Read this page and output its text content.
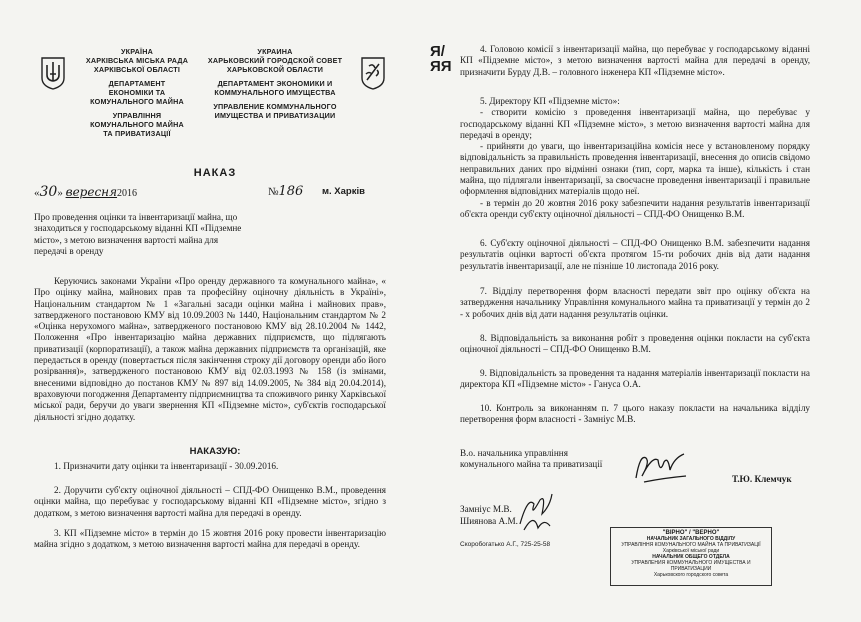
УКРАЇНА
ХАРКІВСЬКА МІСЬКА РАДА
ХАРКІВСЬКОЇ ОБЛАСТІ
ДЕПАРТАМЕНТ
ЕКОНОМІКИ ТА
КОМУНАЛЬНОГО МАЙНА
УПРАВЛІННЯ
КОМУНАЛЬНОГО МАЙНА
ТА ПРИВАТИЗАЦІЇ
УКРАИНА
ХАРЬКОВСКИЙ ГОРОДСКОЙ СОВЕТ
ХАРЬКОВСКОЙ ОБЛАСТИ
ДЕПАРТАМЕНТ ЭКОНОМИКИ И
КОММУНАЛЬНОГО ИМУЩЕСТВА
УПРАВЛЕНИЕ КОММУНАЛЬНОГО
ИМУЩЕСТВА И ПРИВАТИЗАЦИИ
НАКАЗ
«30» вересня2016	№186 м. Харків
Про проведення оцінки та інвентаризації майна, що знаходиться у господарському віданні КП «Підземне місто», з метою визначення вартості майна для передачі в оренду
Керуючись законами України «Про оренду державного та комунального майна», « Про оцінку майна, майнових прав та професійну оціночну діяльність в Україні», Національним стандартом № 1 «Загальні засади оцінки майна і майнових прав», затвердженого постановою КМУ від 10.09.2003 № 1440, Національним стандартом № 2 «Оцінка нерухомого майна», затвердженого постановою КМУ від 28.10.2004 № 1442, Положення «Про інвентаризацію майна державних підприємств, що підлягають приватизації (корпоратизації), а також майна державних підприємств та організацій, яке передається в оренду (повертається після закінчення строку дії договору оренди або його розірвання)», затвердженого постановою КМУ від 02.03.1993 № 158 (із змінами, внесеними відповідно до постанов КМУ № 897 від 14.09.2005, № 384 від 20.04.2014), враховуючи погодження Департаменту підприємництва та споживчого ринку Харківської міської ради, беручи до уваги звернення КП «Підземне місто», суб'єктів господарської діяльності згідно додатку.
НАКАЗУЮ:
1. Призначити дату оцінки та інвентаризації - 30.09.2016.
2. Доручити суб'єкту оціночної діяльності – СПД-ФО Онищенко В.М., проведення оцінки майна, що перебуває у господарському віданні КП «Підземне місто», згідно з додатком, з метою визначення вартості майна для передачі в оренду.
3. КП «Підземне місто» в термін до 15 жовтня 2016 року провести інвентаризацію майна згідно з додатком, з метою визначення вартості майна для передачі в оренду.
Я/
ЯЯ
4. Головою комісії з інвентаризації майна, що перебуває у господарському віданні КП «Підземне місто», з метою визначення вартості майна для передачі в оренду, призначити Бурду Д.В. – головного інженера КП «Підземне місто».
5. Директору КП «Підземне місто»:
- створити комісію з проведення інвентаризації майна, що перебуває у господарському віданні КП «Підземне місто», з метою визначення вартості майна для передачі в оренду;
- прийняти до уваги, що інвентаризаційна комісія несе у встановленому порядку відповідальність за правильність проведення інвентаризації, внесення до описів свідомо неправильних даних про відмінні ознаки (тип, сорт, марка та інше), кількість і стан майна, що підлягали інвентаризації, за своєчасне проведення інвентаризації і правильне оформлення відповідних матеріалів щодо неї.
- в термін до 20 жовтня 2016 року забезпечити надання результатів інвентаризації об'єкта оренди суб'єкту оціночної діяльності – СПД-ФО Онищенко В.М.
6. Суб'єкту оціночної діяльності – СПД-ФО Онищенко В.М. забезпечити надання результатів оцінки вартості об'єкта протягом 15-ти робочих днів від дати надання результатів інвентаризації, але не пізніше 10 листопада 2016 року.
7. Відділу перетворення форм власності передати звіт про оцінку об'єкта на затвердження начальнику Управління комунального майна та приватизації у термін до 2 - х робочих днів від дати надання результатів оцінки.
8. Відповідальність за виконання робіт з проведення оцінки покласти на суб'єкта оціночної діяльності – СПД-ФО Онищенко В.М.
9. Відповідальність за проведення та надання матеріалів інвентаризації покласти на директора КП «Підземне місто» - Гануса О.А.
10. Контроль за виконанням п. 7 цього наказу покласти на начальника відділу перетворення форм власності - Замніус М.В.
В.о. начальника управління комунального майна та приватизації
Т.Ю. Клемчук
Замніус М.В.
Шиянова А.М.
Скоробогатько А.Г., 725-25-58
"ВІРНО" / "ВЕРНО"
НАЧАЛЬНИК ЗАГАЛЬНОГО ВІДДІЛУ
УПРАВЛІННЯ КОМУНАЛЬНОГО МАЙНА ТА ПРИВАТИЗАЦІЇ
Харківської міської ради
НАЧАЛЬНИК ОБЩЕГО ОТДЕЛА
УПРАВЛЕНИЯ КОММУНАЛЬНОГО ИМУЩЕСТВА И ПРИВАТИЗАЦИИ
Харьковского городского совета
